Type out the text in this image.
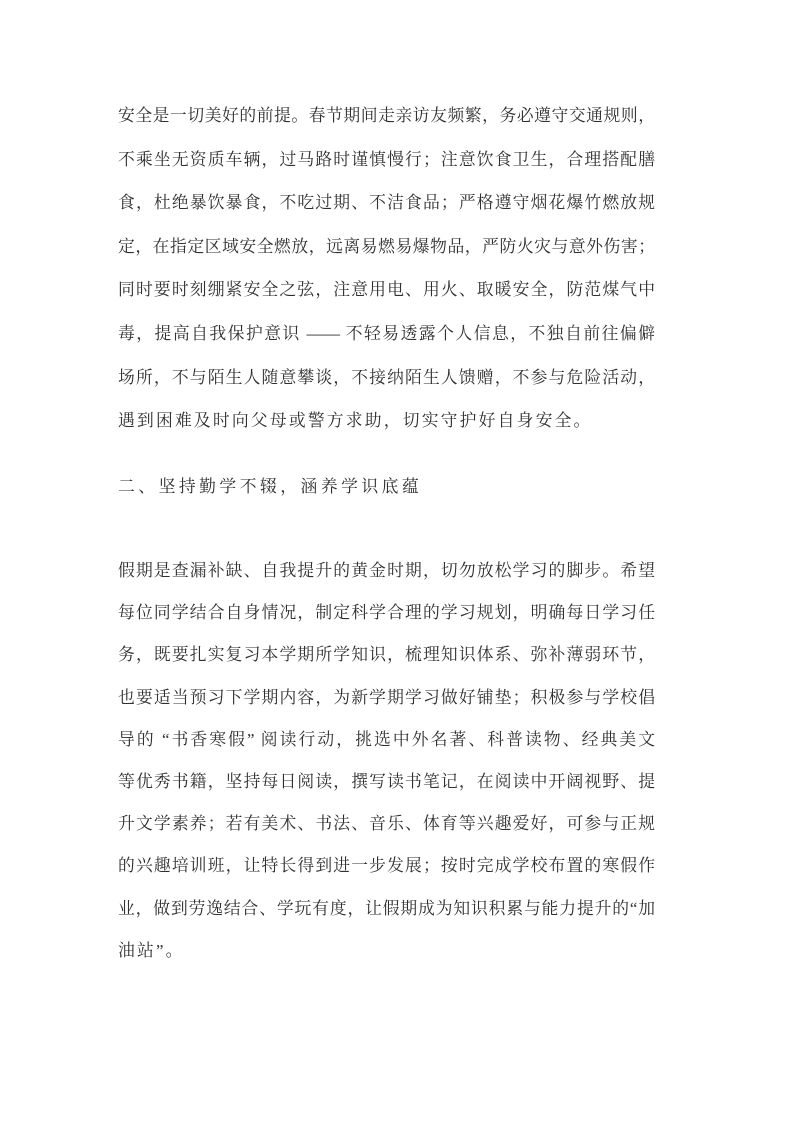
安全是一切美好的前提。春节期间走亲访友频繁，务必遵守交通规则，
不乘坐无资质车辆，过马路时谨慎慢行；注意饮食卫生，合理搭配膳
食，杜绝暴饮暴食，不吃过期、不洁食品；严格遵守烟花爆竹燃放规
定，在指定区域安全燃放，远离易燃易爆物品，严防火灾与意外伤害；
同时要时刻绷紧安全之弦，注意用电、用火、取暖安全，防范煤气中
毒，提高自我保护意识 —— 不轻易透露个人信息，不独自前往偏僻
场所，不与陌生人随意攀谈，不接纳陌生人馈赠，不参与危险活动，
遇到困难及时向父母或警方求助，切实守护好自身安全。
二、坚持勤学不辍，涵养学识底蕴
假期是查漏补缺、自我提升的黄金时期，切勿放松学习的脚步。希望
每位同学结合自身情况，制定科学合理的学习规划，明确每日学习任
务，既要扎实复习本学期所学知识，梳理知识体系、弥补薄弱环节，
也要适当预习下学期内容，为新学期学习做好铺垫；积极参与学校倡
导的 “书香寒假” 阅读行动，挑选中外名著、科普读物、经典美文
等优秀书籍，坚持每日阅读，撰写读书笔记，在阅读中开阔视野、提
升文学素养；若有美术、书法、音乐、体育等兴趣爱好，可参与正规
的兴趣培训班，让特长得到进一步发展；按时完成学校布置的寒假作
业，做到劳逸结合、学玩有度，让假期成为知识积累与能力提升的“加
油站”。
